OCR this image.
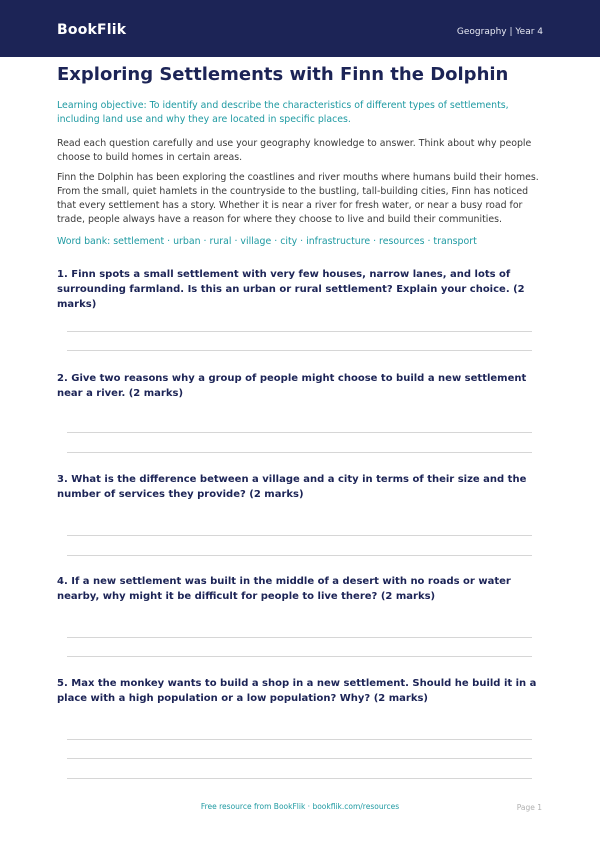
BookFlik	Geography | Year 4
Exploring Settlements with Finn the Dolphin
Learning objective: To identify and describe the characteristics of different types of settlements, including land use and why they are located in specific places.

Read each question carefully and use your geography knowledge to answer. Think about why people choose to build homes in certain areas.

Finn the Dolphin has been exploring the coastlines and river mouths where humans build their homes. From the small, quiet hamlets in the countryside to the bustling, tall-building cities, Finn has noticed that every settlement has a story. Whether it is near a river for fresh water, or near a busy road for trade, people always have a reason for where they choose to live and build their communities.

Word bank: settlement · urban · rural · village · city · infrastructure · resources · transport
1. Finn spots a small settlement with very few houses, narrow lanes, and lots of surrounding farmland. Is this an urban or rural settlement? Explain your choice. (2 marks)
2. Give two reasons why a group of people might choose to build a new settlement near a river. (2 marks)
3. What is the difference between a village and a city in terms of their size and the number of services they provide? (2 marks)
4. If a new settlement was built in the middle of a desert with no roads or water nearby, why might it be difficult for people to live there? (2 marks)
5. Max the monkey wants to build a shop in a new settlement. Should he build it in a place with a high population or a low population? Why? (2 marks)
Free resource from BookFlik · bookflik.com/resources	Page 1
